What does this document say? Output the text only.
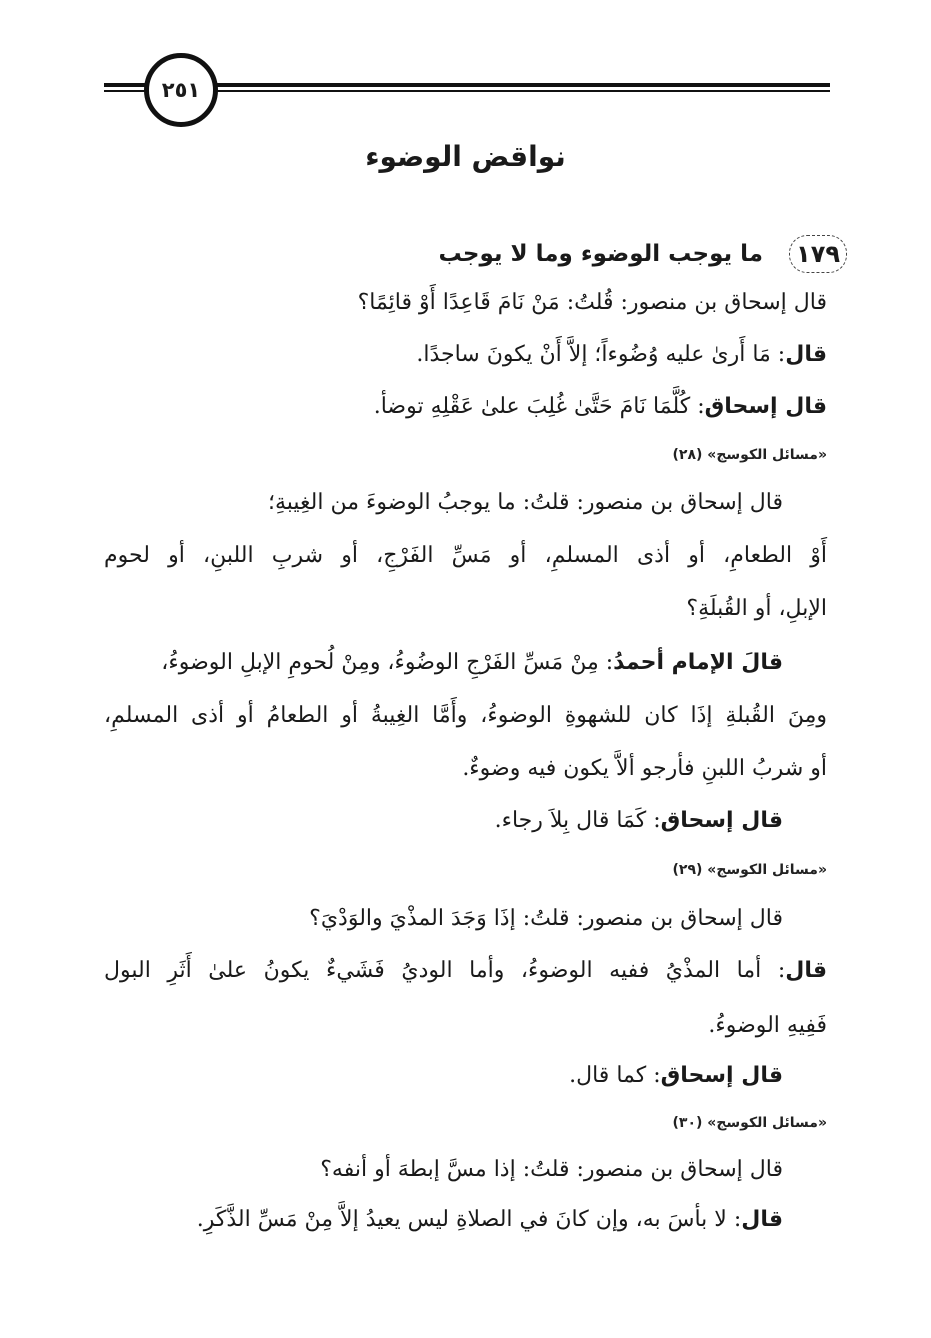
٢٥١
نواقض الوضوء
١٧٩
ما يوجب الوضوء وما لا يوجب

قال إسحاق بن منصور: قُلتُ: مَنْ نَامَ قَاعِدًا أَوْ قائِمًا؟

قال: مَا أَرىٰ عليه وُضُوءاً؛ إلاَّ أَنْ يكونَ ساجدًا.

قال إسحاق: كُلَّمَا نَامَ حَتَّىٰ غُلِبَ علىٰ عَقْلِهِ توضأ.

«مسائل الكوسج» (٢٨)

قال إسحاق بن منصور: قلتُ: ما يوجبُ الوضوءَ من الغِيبةِ؛

أَوْ الطعامِ، أو أذى المسلمِ، أو مَسِّ الفَرْجِ، أو شربِ اللبنِ، أو لحوم

الإبلِ، أو القُبلَةِ؟

قالَ الإمام أحمدُ: مِنْ مَسِّ الفَرْجِ الوضُوءُ، ومِنْ لُحومِ الإبلِ الوضوءُ،

ومِنَ القُبلةِ إذَا كان للشهوةِ الوضوءُ، وأَمَّا الغِيبةُ أو الطعامُ أو أذى المسلمِ،

أو شربُ اللبنِ فأرجو ألاَّ يكون فيه وضوءٌ.

قال إسحاق: كَمَا قال بِلاَ رجاء.

«مسائل الكوسج» (٢٩)

قال إسحاق بن منصور: قلتُ: إذَا وَجَدَ المذْيَ والوَدْيَ؟

قال: أما المذْيُ ففيه الوضوءُ، وأما الوديُ فَشَيءٌ يكونُ علىٰ أَثَرِ البول

فَفِيهِ الوضوءُ.

قال إسحاق: كما قال.

«مسائل الكوسج» (٣٠)

قال إسحاق بن منصور: قلتُ: إذا مسَّ إبطهَ أو أنفه؟

قال: لا بأسَ به، وإن كانَ في الصلاةِ ليس يعيدُ إلاَّ مِنْ مَسِّ الذَّكَرِ.
